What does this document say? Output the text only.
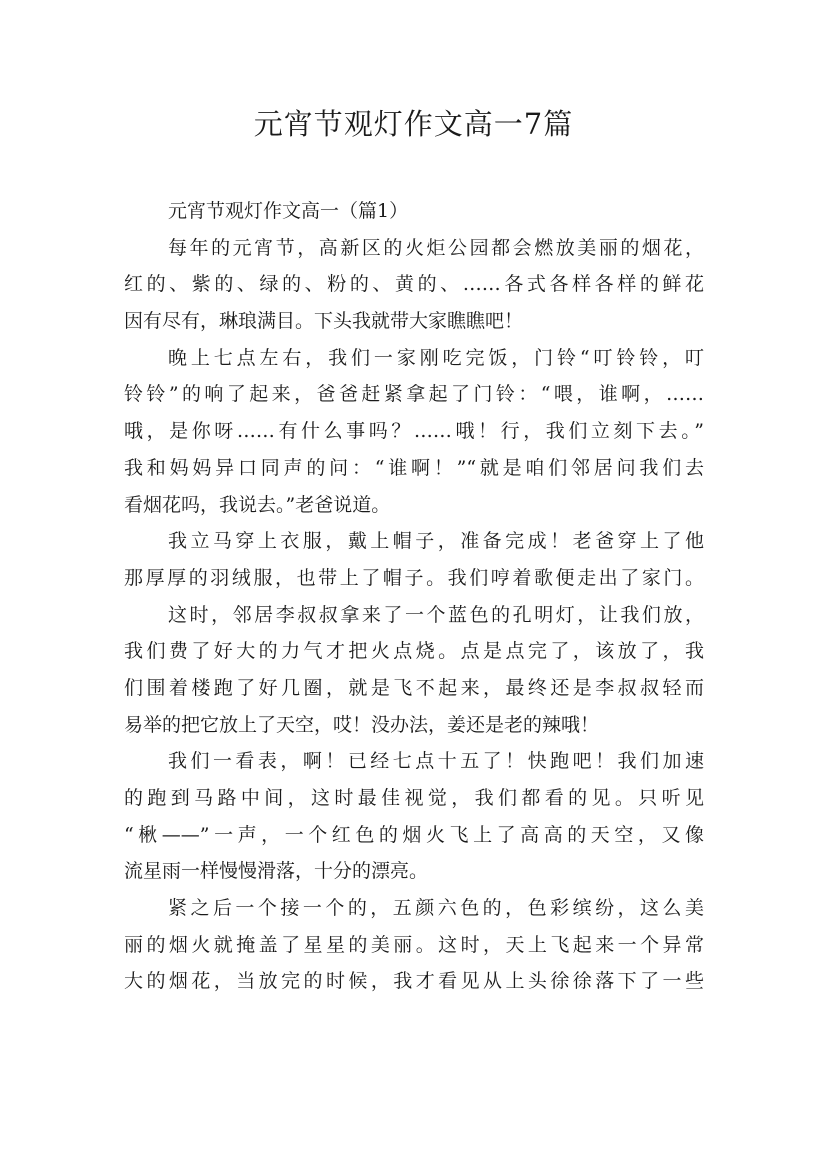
元宵节观灯作文高一7篇
元宵节观灯作文高一（篇1）
每年的元宵节，高新区的火炬公园都会燃放美丽的烟花，
红的、紫的、绿的、粉的、黄的、……各式各样各样的鲜花
因有尽有，琳琅满目。下头我就带大家瞧瞧吧！
晚上七点左右，我们一家刚吃完饭，门铃“叮铃铃，叮
铃铃”的响了起来，爸爸赶紧拿起了门铃：“喂，谁啊，……
哦，是你呀……有什么事吗？……哦！行，我们立刻下去。”
我和妈妈异口同声的问：“谁啊！”“就是咱们邻居问我们去
看烟花吗，我说去。”老爸说道。
我立马穿上衣服，戴上帽子，准备完成！老爸穿上了他
那厚厚的羽绒服，也带上了帽子。我们哼着歌便走出了家门。
这时，邻居李叔叔拿来了一个蓝色的孔明灯，让我们放，
我们费了好大的力气才把火点烧。点是点完了，该放了，我
们围着楼跑了好几圈，就是飞不起来，最终还是李叔叔轻而
易举的把它放上了天空，哎！没办法，姜还是老的辣哦！
我们一看表，啊！已经七点十五了！快跑吧！我们加速
的跑到马路中间，这时最佳视觉，我们都看的见。只听见
“楸——”一声，一个红色的烟火飞上了高高的天空，又像
流星雨一样慢慢滑落，十分的漂亮。
紧之后一个接一个的，五颜六色的，色彩缤纷，这么美
丽的烟火就掩盖了星星的美丽。这时，天上飞起来一个异常
大的烟花，当放完的时候，我才看见从上头徐徐落下了一些
